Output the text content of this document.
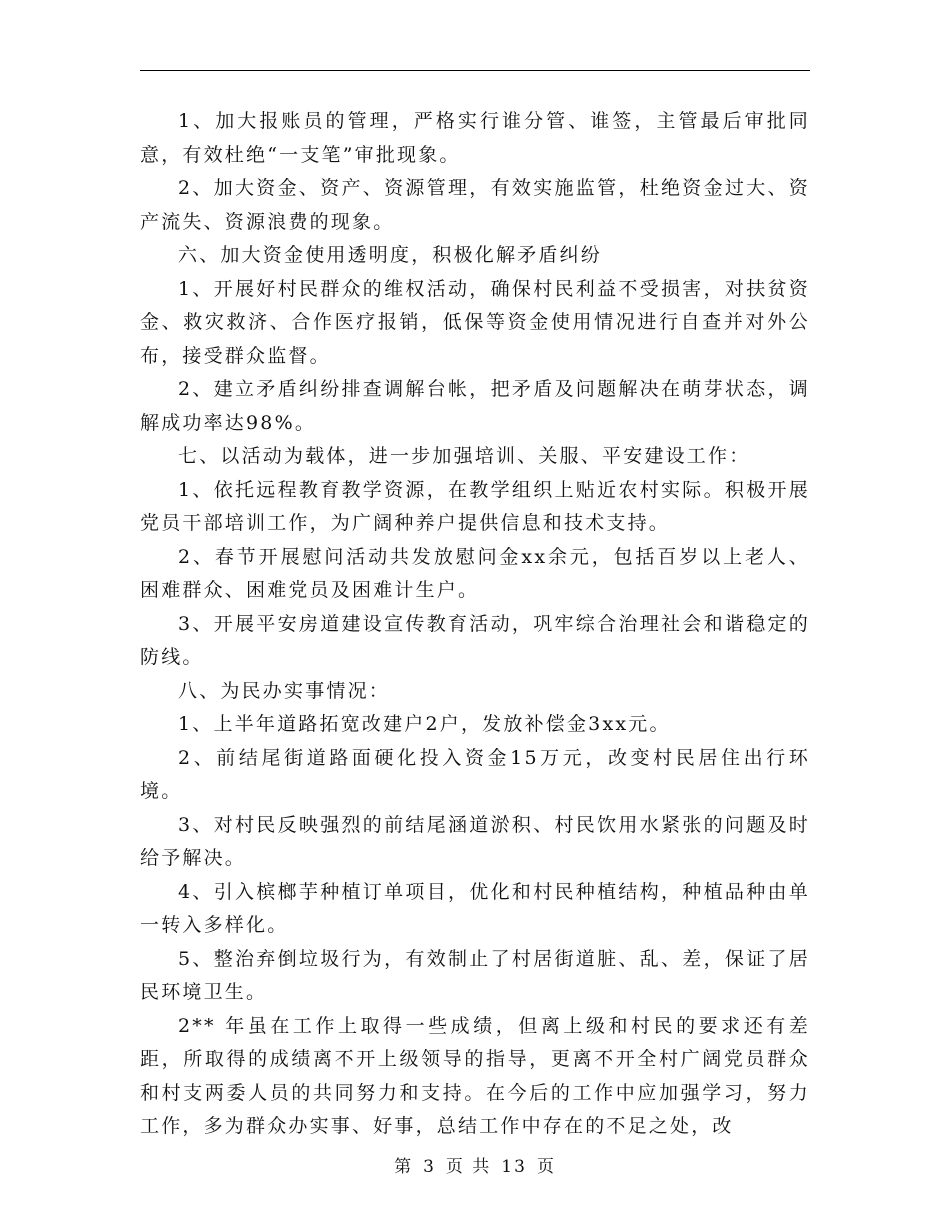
1、加大报账员的管理，严格实行谁分管、谁签，主管最后审批同意，有效杜绝“一支笔”审批现象。

2、加大资金、资产、资源管理，有效实施监管，杜绝资金过大、资产流失、资源浪费的现象。

六、加大资金使用透明度，积极化解矛盾纠纷

1、开展好村民群众的维权活动，确保村民利益不受损害，对扶贫资金、救灾救济、合作医疗报销，低保等资金使用情况进行自查并对外公布，接受群众监督。

2、建立矛盾纠纷排查调解台帐，把矛盾及问题解决在萌芽状态，调解成功率达98%。

七、以活动为载体，进一步加强培训、关服、平安建设工作：

1、依托远程教育教学资源，在教学组织上贴近农村实际。积极开展党员干部培训工作，为广阔种养户提供信息和技术支持。

2、春节开展慰问活动共发放慰问金xx余元，包括百岁以上老人、困难群众、困难党员及困难计生户。

3、开展平安房道建设宣传教育活动，巩牢综合治理社会和谐稳定的防线。

八、为民办实事情况：

1、上半年道路拓宽改建户2户，发放补偿金3xx元。

2、前结尾街道路面硬化投入资金15万元，改变村民居住出行环境。

3、对村民反映强烈的前结尾涵道淤积、村民饮用水紧张的问题及时给予解决。

4、引入槟榔芋种植订单项目，优化和村民种植结构，种植品种由单一转入多样化。

5、整治弃倒垃圾行为，有效制止了村居街道脏、乱、差，保证了居民环境卫生。

2** 年虽在工作上取得一些成绩，但离上级和村民的要求还有差距，所取得的成绩离不开上级领导的指导，更离不开全村广阔党员群众和村支两委人员的共同努力和支持。在今后的工作中应加强学习，努力工作，多为群众办实事、好事，总结工作中存在的不足之处，改

第 3 页 共 13 页
